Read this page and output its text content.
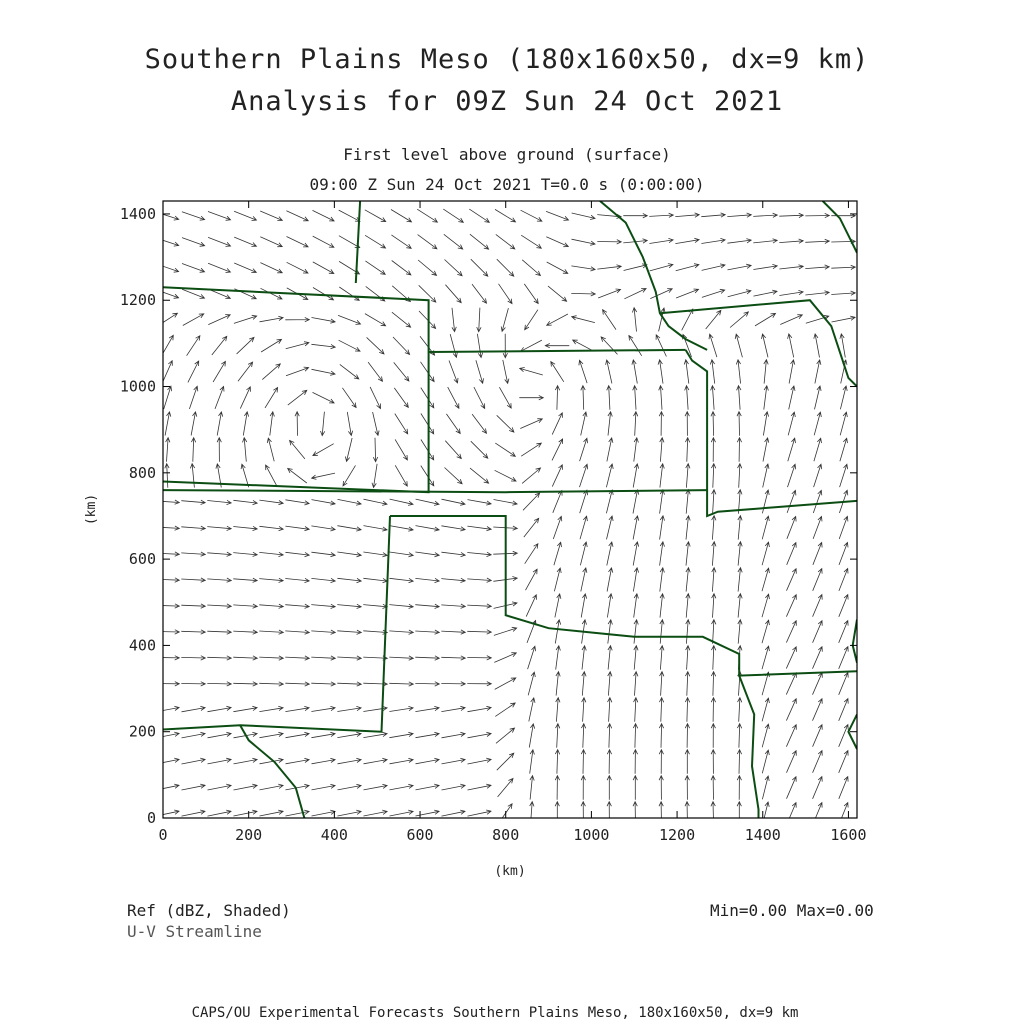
Southern Plains Meso (180x160x50, dx=9 km)
Analysis for 09Z Sun 24 Oct 2021
First level above ground (surface)
09:00 Z Sun 24 Oct 2021 T=0.0 s (0:00:00)
0	200	400	600	800	1000	1200	1400	1600
0
200
400
600
800
1000
1200
1400
(km)
(km)
Ref (dBZ, Shaded)
U-V Streamline
Min=0.00 Max=0.00
CAPS/OU Experimental Forecasts Southern Plains Meso, 180x160x50, dx=9 km
